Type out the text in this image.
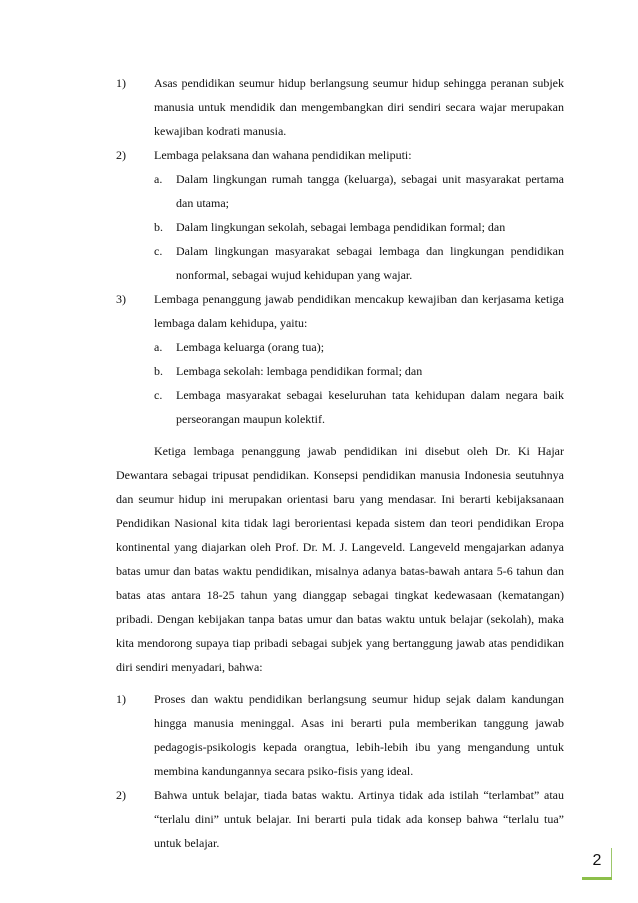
1) Asas pendidikan seumur hidup berlangsung seumur hidup sehingga peranan subjek manusia untuk mendidik dan mengembangkan diri sendiri secara wajar merupakan kewajiban kodrati manusia.
2) Lembaga pelaksana dan wahana pendidikan meliputi:
a. Dalam lingkungan rumah tangga (keluarga), sebagai unit masyarakat pertama dan utama;
b. Dalam lingkungan sekolah, sebagai lembaga pendidikan formal; dan
c. Dalam lingkungan masyarakat sebagai lembaga dan lingkungan pendidikan nonformal, sebagai wujud kehidupan yang wajar.
3) Lembaga penanggung jawab pendidikan mencakup kewajiban dan kerjasama ketiga lembaga dalam kehidupa, yaitu:
a. Lembaga keluarga (orang tua);
b. Lembaga sekolah: lembaga pendidikan formal; dan
c. Lembaga masyarakat sebagai keseluruhan tata kehidupan dalam negara baik perseorangan maupun kolektif.

Ketiga lembaga penanggung jawab pendidikan ini disebut oleh Dr. Ki Hajar Dewantara sebagai tripusat pendidikan. Konsepsi pendidikan manusia Indonesia seutuhnya dan seumur hidup ini merupakan orientasi baru yang mendasar. Ini berarti kebijaksanaan Pendidikan Nasional kita tidak lagi berorientasi kepada sistem dan teori pendidikan Eropa kontinental yang diajarkan oleh Prof. Dr. M. J. Langeveld. Langeveld mengajarkan adanya batas umur dan batas waktu pendidikan, misalnya adanya batas-bawah antara 5-6 tahun dan batas atas antara 18-25 tahun yang dianggap sebagai tingkat kedewasaan (kematangan) pribadi. Dengan kebijakan tanpa batas umur dan batas waktu untuk belajar (sekolah), maka kita mendorong supaya tiap pribadi sebagai subjek yang bertanggung jawab atas pendidikan diri sendiri menyadari, bahwa:

1) Proses dan waktu pendidikan berlangsung seumur hidup sejak dalam kandungan hingga manusia meninggal. Asas ini berarti pula memberikan tanggung jawab pedagogis-psikologis kepada orangtua, lebih-lebih ibu yang mengandung untuk membina kandungannya secara psiko-fisis yang ideal.
2) Bahwa untuk belajar, tiada batas waktu. Artinya tidak ada istilah “terlambat” atau “terlalu dini” untuk belajar. Ini berarti pula tidak ada konsep bahwa “terlalu tua” untuk belajar.
2
